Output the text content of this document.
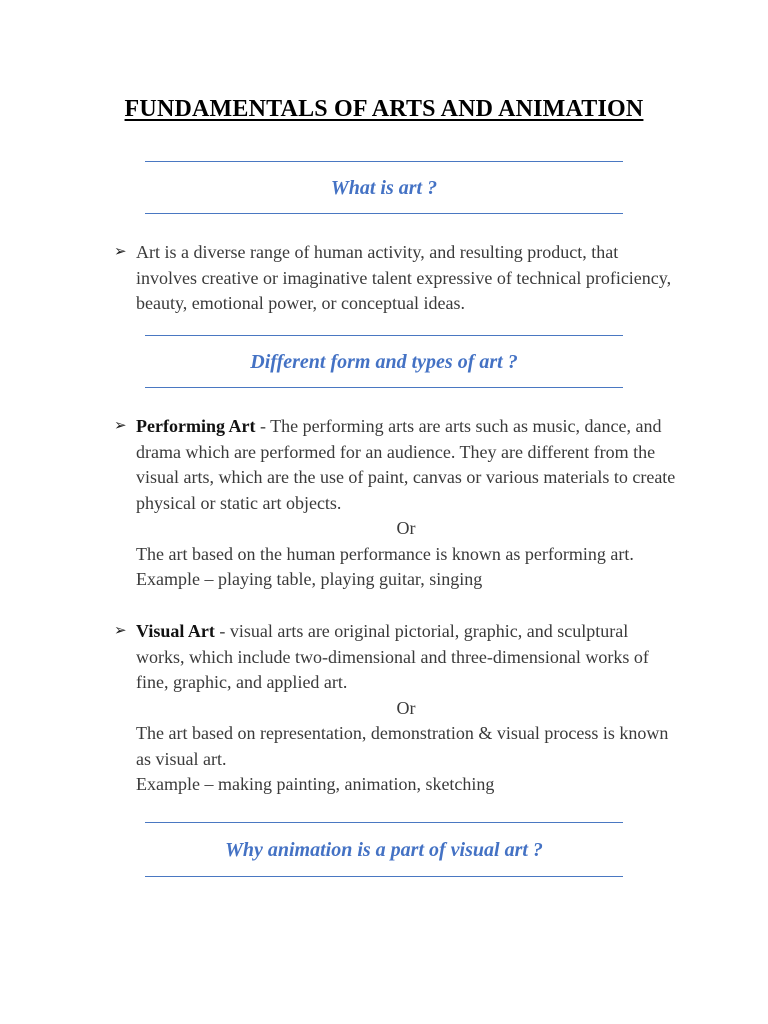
FUNDAMENTALS OF ARTS AND ANIMATION
What is art ?
➢ Art is a diverse range of human activity, and resulting product, that involves creative or imaginative talent expressive of technical proficiency, beauty, emotional power, or conceptual ideas.

Different form and types of art ?
➢ Performing Art - The performing arts are arts such as music, dance, and drama which are performed for an audience. They are different from the visual arts, which are the use of paint, canvas or various materials to create physical or static art objects.

Or

The art based on the human performance is known as performing art. Example – playing table, playing guitar, singing

➢ Visual Art - visual arts are original pictorial, graphic, and sculptural works, which include two-dimensional and three-dimensional works of fine, graphic, and applied art.

Or

The art based on representation, demonstration & visual process is known as visual art.

Example – making painting, animation, sketching

Why animation is a part of visual art ?
